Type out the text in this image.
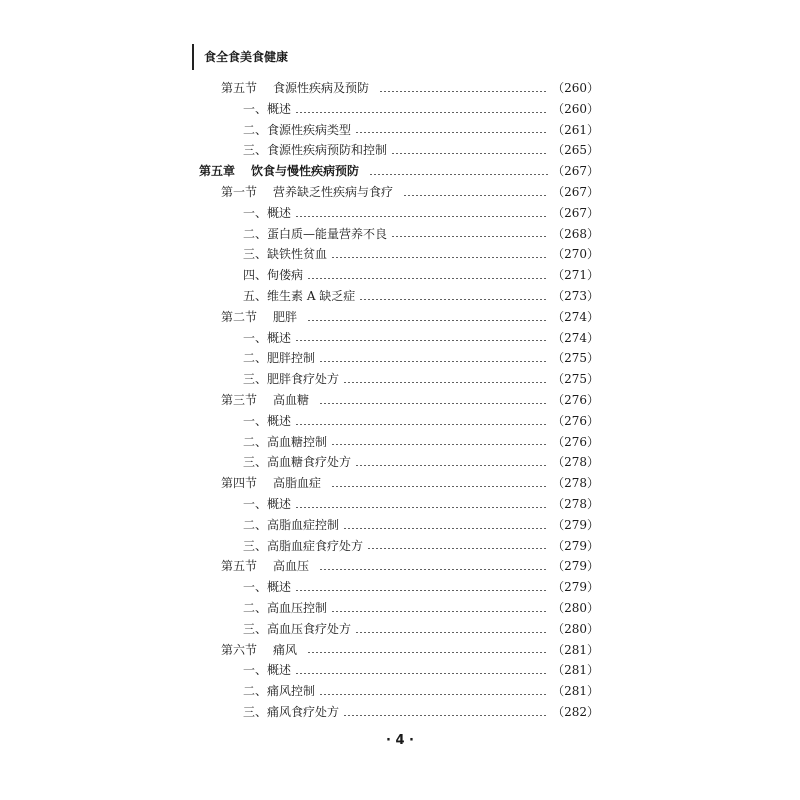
食全食美食健康
第五节 食源性疾病及预防	（260）
一、概述	（260）
二、食源性疾病类型	（261）
三、食源性疾病预防和控制	（265）
第五章 饮食与慢性疾病预防	（267）
第一节 营养缺乏性疾病与食疗	（267）
一、概述	（267）
二、蛋白质—能量营养不良	（268）
三、缺铁性贫血	（270）
四、佝偻病	（271）
五、维生素 A 缺乏症	（273）
第二节 肥胖	（274）
一、概述	（274）
二、肥胖控制	（275）
三、肥胖食疗处方	（275）
第三节 高血糖	（276）
一、概述	（276）
二、高血糖控制	（276）
三、高血糖食疗处方	（278）
第四节 高脂血症	（278）
一、概述	（278）
二、高脂血症控制	（279）
三、高脂血症食疗处方	（279）
第五节 高血压	（279）
一、概述	（279）
二、高血压控制	（280）
三、高血压食疗处方	（280）
第六节 痛风	（281）
一、概述	（281）
二、痛风控制	（281）
三、痛风食疗处方	（282）
· 4 ·
